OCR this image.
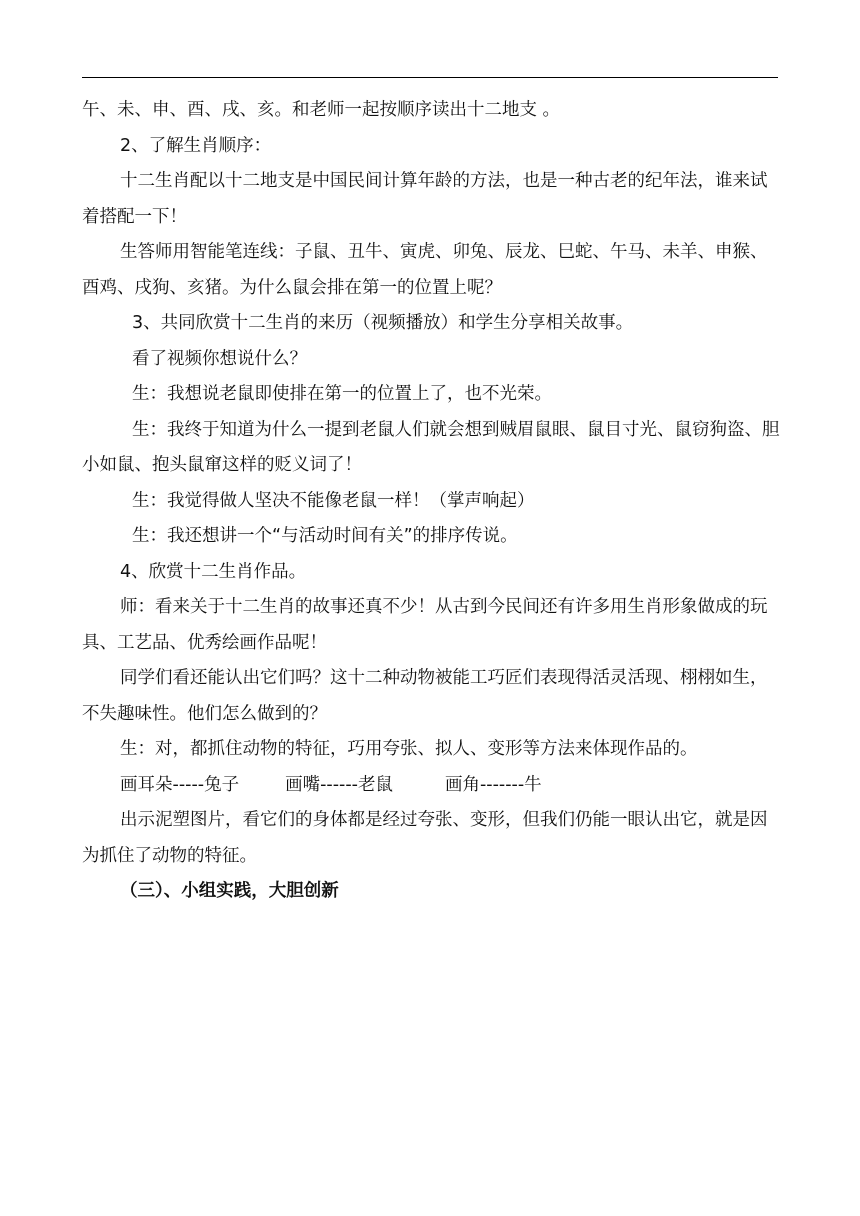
午、未、申、酉、戌、亥。和老师一起按顺序读出十二地支 。

2、了解生肖顺序：

十二生肖配以十二地支是中国民间计算年龄的方法，也是一种古老的纪年法，谁来试着搭配一下！

生答师用智能笔连线：子鼠、丑牛、寅虎、卯兔、辰龙、巳蛇、午马、未羊、申猴、酉鸡、戌狗、亥猪。为什么鼠会排在第一的位置上呢？

3、共同欣赏十二生肖的来历（视频播放）和学生分享相关故事。

看了视频你想说什么？

生：我想说老鼠即使排在第一的位置上了，也不光荣。

生：我终于知道为什么一提到老鼠人们就会想到贼眉鼠眼、鼠目寸光、鼠窃狗盗、胆小如鼠、抱头鼠窜这样的贬义词了！

生：我觉得做人坚决不能像老鼠一样！（掌声响起）

生：我还想讲一个“与活动时间有关”的排序传说。

4、欣赏十二生肖作品。

师：看来关于十二生肖的故事还真不少！从古到今民间还有许多用生肖形象做成的玩具、工艺品、优秀绘画作品呢！

同学们看还能认出它们吗？这十二种动物被能工巧匠们表现得活灵活现、栩栩如生，不失趣味性。他们怎么做到的？

生：对，都抓住动物的特征，巧用夸张、拟人、变形等方法来体现作品的。

画耳朵-----兔子	画嘴------老鼠	画角-------牛

出示泥塑图片，看它们的身体都是经过夸张、变形，但我们仍能一眼认出它，就是因为抓住了动物的特征。

（三）、小组实践，大胆创新
